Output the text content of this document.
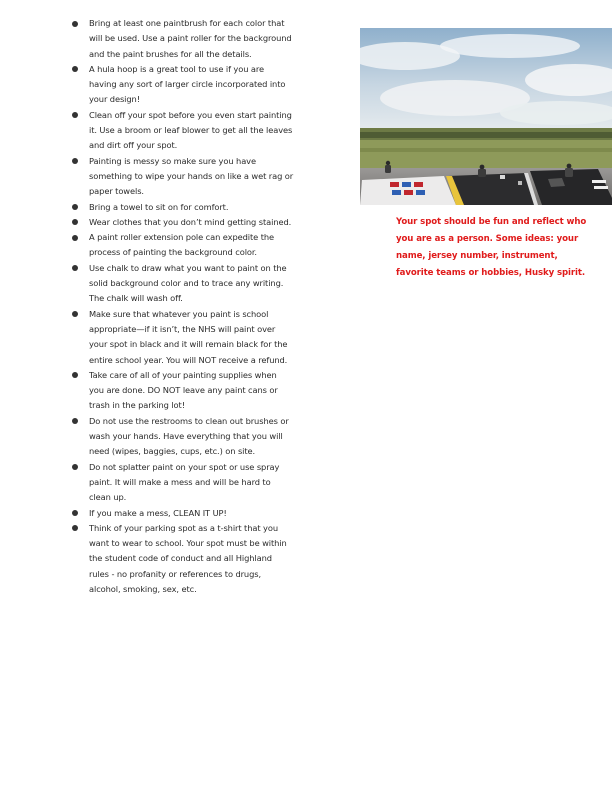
Bring at least one paintbrush for each color that will be used. Use a paint roller for the background and the paint brushes for all the details.
A hula hoop is a great tool to use if you are having any sort of larger circle incorporated into your design!
Clean off your spot before you even start painting it. Use a broom or leaf blower to get all the leaves and dirt off your spot.
Painting is messy so make sure you have something to wipe your hands on like a wet rag or paper towels.
Bring a towel to sit on for comfort.
Wear clothes that you don’t mind getting stained.
A paint roller extension pole can expedite the process of painting the background color.
Use chalk to draw what you want to paint on the solid background color and to trace any writing. The chalk will wash off.
Make sure that whatever you paint is school appropriate—if it isn’t, the NHS will paint over your spot in black and it will remain black for the entire school year. You will NOT receive a refund.
Take care of all of your painting supplies when you are done. DO NOT leave any paint cans or trash in the parking lot!
Do not use the restrooms to clean out brushes or wash your hands. Have everything that you will need (wipes, baggies, cups, etc.) on site.
Do not splatter paint on your spot or use spray paint. It will make a mess and will be hard to clean up.
If you make a mess, CLEAN IT UP!
Think of your parking spot as a t-shirt that you want to wear to school. Your spot must be within the student code of conduct and all Highland rules - no profanity or references to drugs, alcohol, smoking, sex, etc.
Your spot should be fun and reflect who you are as a person. Some ideas: your name, jersey number, instrument, favorite teams or hobbies, Husky spirit.
